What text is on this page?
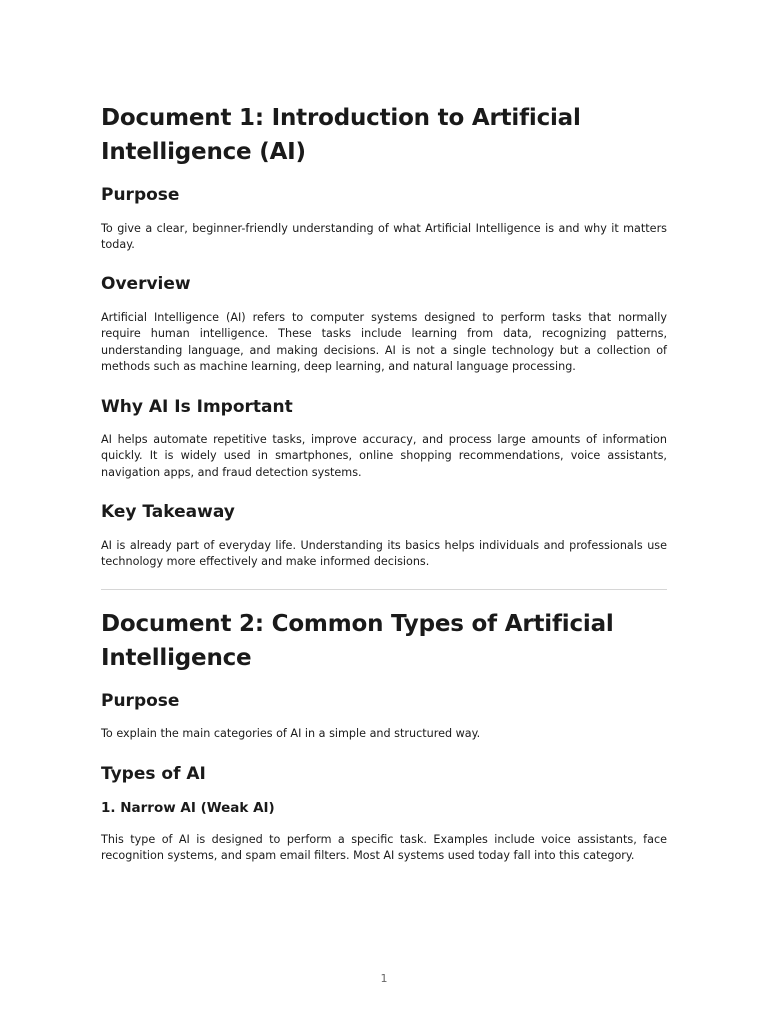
Document 1: Introduction to Artificial Intelligence (AI)
Purpose

To give a clear, beginner-friendly understanding of what Artificial Intelligence is and why it matters today.

Overview

Artificial Intelligence (AI) refers to computer systems designed to perform tasks that normally require human intelligence. These tasks include learning from data, recognizing patterns, understanding language, and making decisions. AI is not a single technology but a collection of methods such as machine learning, deep learning, and natural language processing.

Why AI Is Important

AI helps automate repetitive tasks, improve accuracy, and process large amounts of information quickly. It is widely used in smartphones, online shopping recommendations, voice assistants, navigation apps, and fraud detection systems.

Key Takeaway

AI is already part of everyday life. Understanding its basics helps individuals and professionals use technology more effectively and make informed decisions.

Document 2: Common Types of Artificial Intelligence
Purpose

To explain the main categories of AI in a simple and structured way.

Types of AI
1. Narrow AI (Weak AI)

This type of AI is designed to perform a specific task. Examples include voice assistants, face recognition systems, and spam email filters. Most AI systems used today fall into this category.

1
